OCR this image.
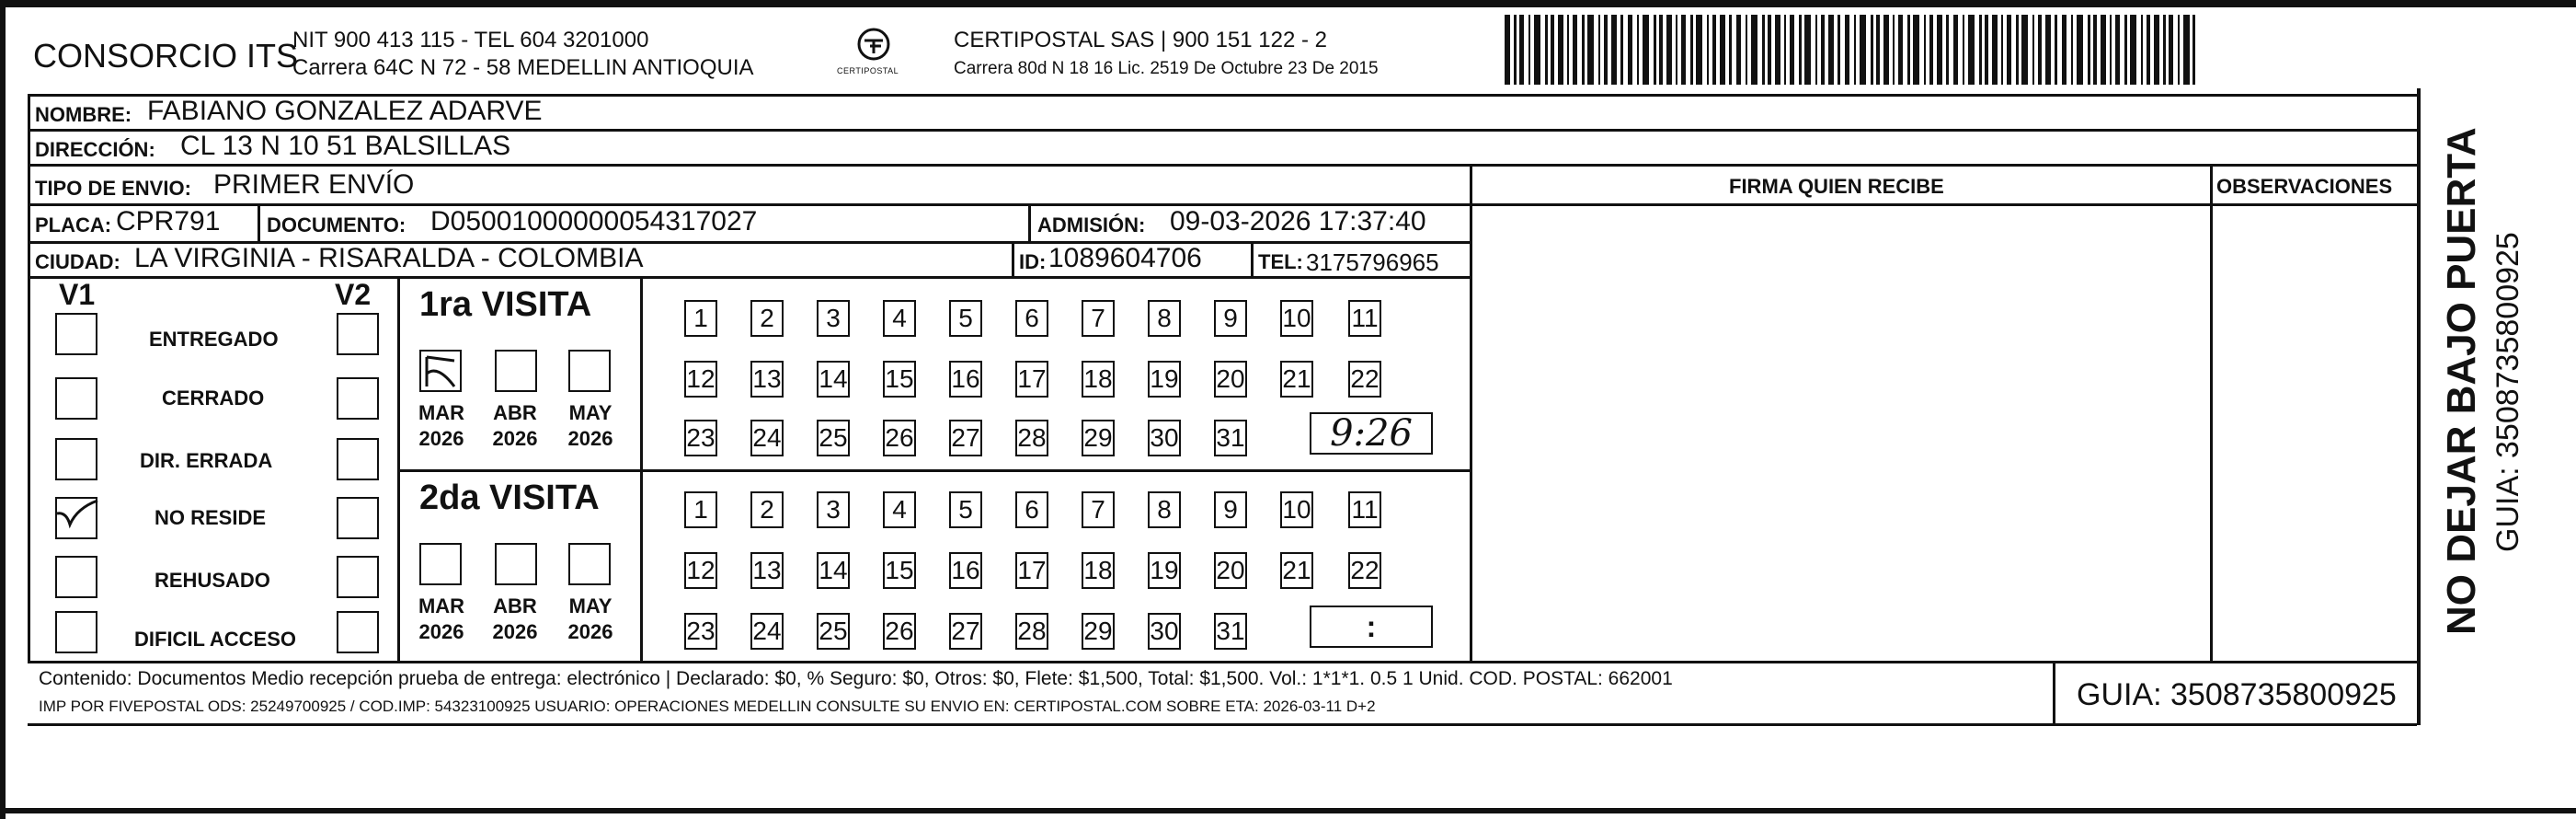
CONSORCIO ITS
NIT 900 413 115 - TEL 604 3201000
Carrera 64C N 72 - 58 MEDELLIN ANTIOQUIA	CERTIPOSTAL
CERTIPOSTAL SAS | 900 151 122 - 2
Carrera 80d N 18 16 Lic. 2519 De Octubre 23 De 2015
NOMBRE: FABIANO GONZALEZ ADARVE
DIRECCIÓN: CL 13 N 10 51 BALSILLAS
TIPO DE ENVIO: PRIMER ENVÍO	FIRMA QUIEN RECIBE	OBSERVACIONES
PLACA: CPR791 DOCUMENTO: D05001000000054317027	ADMISIÓN: 09-03-2026 17:37:40
CIUDAD: LA VIRGINIA - RISARALDA - COLOMBIA	ID: 1089604706	TEL: 3175796965
V1	V2
ENTREGADO
CERRADO
DIR. ERRADA
NO RESIDE
REHUSADO
DIFICIL ACCESO
1ra VISITA
2da VISITA
MAR ABR MAY
2026 2026 2026
MAR ABR MAY
2026 2026 2026
1	2	3	4	5	6	7	8	9	10 11
12 13 14 15 16 17 18 19 20 21 22
23 24 25 26 27 28 29 30 31
1	2	3	4	5	6	7	8	9	10 11
12 13 14 15 16 17 18 19 20 21 22
23 24 25 26 27 28 29 30 31
9:26
:
Contenido: Documentos Medio recepción prueba de entrega: electrónico | Declarado: $0, % Seguro: $0, Otros: $0, Flete: $1,500, Total: $1,500. Vol.: 1*1*1. 0.5 1 Unid. COD. POSTAL: 662001
IMP POR FIVEPOSTAL ODS: 25249700925 / COD.IMP: 54323100925 USUARIO: OPERACIONES MEDELLIN CONSULTE SU ENVIO EN: CERTIPOSTAL.COM SOBRE ETA: 2026-03-11 D+2	GUIA: 3508735800925
NO DEJAR BAJO PUERTA GUIA: 3508735800925
